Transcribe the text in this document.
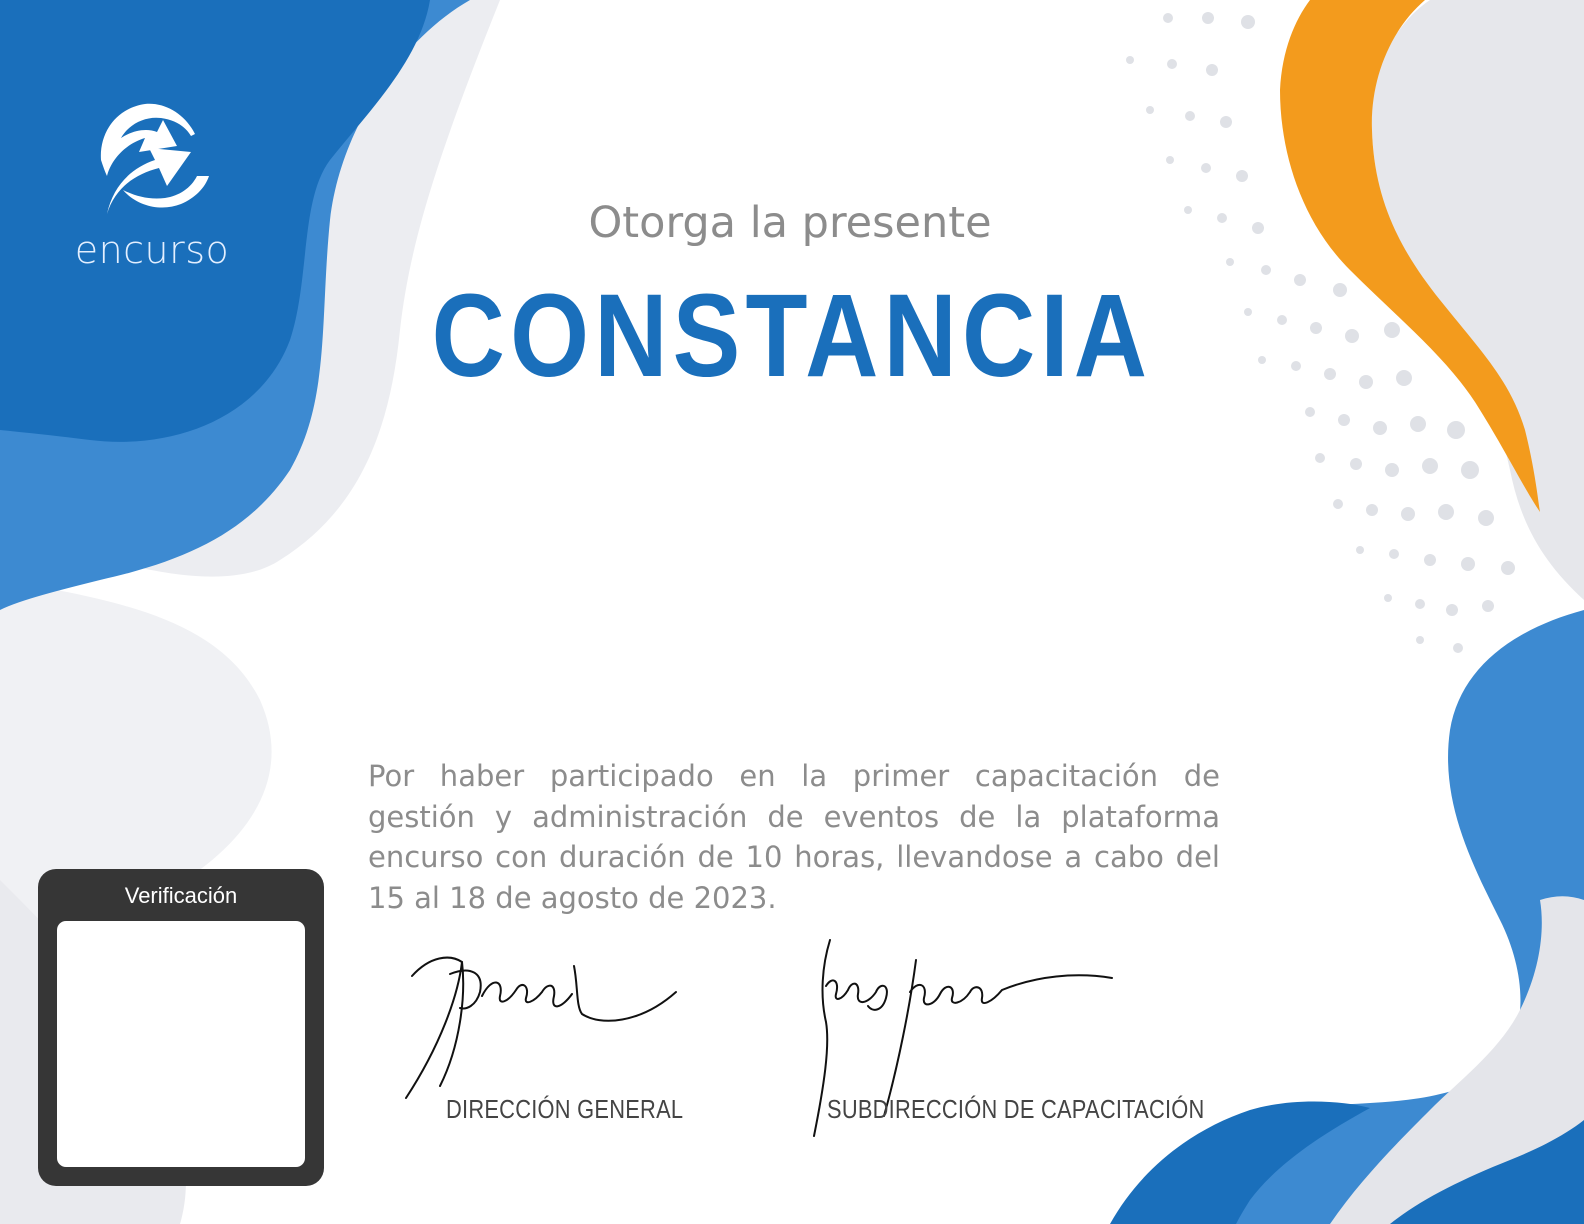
encurso
Otorga la presente
CONSTANCIA
Por haber participado en la primer capacitación de gestión y administración de eventos de la plataforma encurso con duración de 10 horas, llevandose a cabo del 15 al 18 de agosto de 2023.
DIRECCIÓN GENERAL	SUBDIRECCIÓN DE CAPACITACIÓN
Verificación
